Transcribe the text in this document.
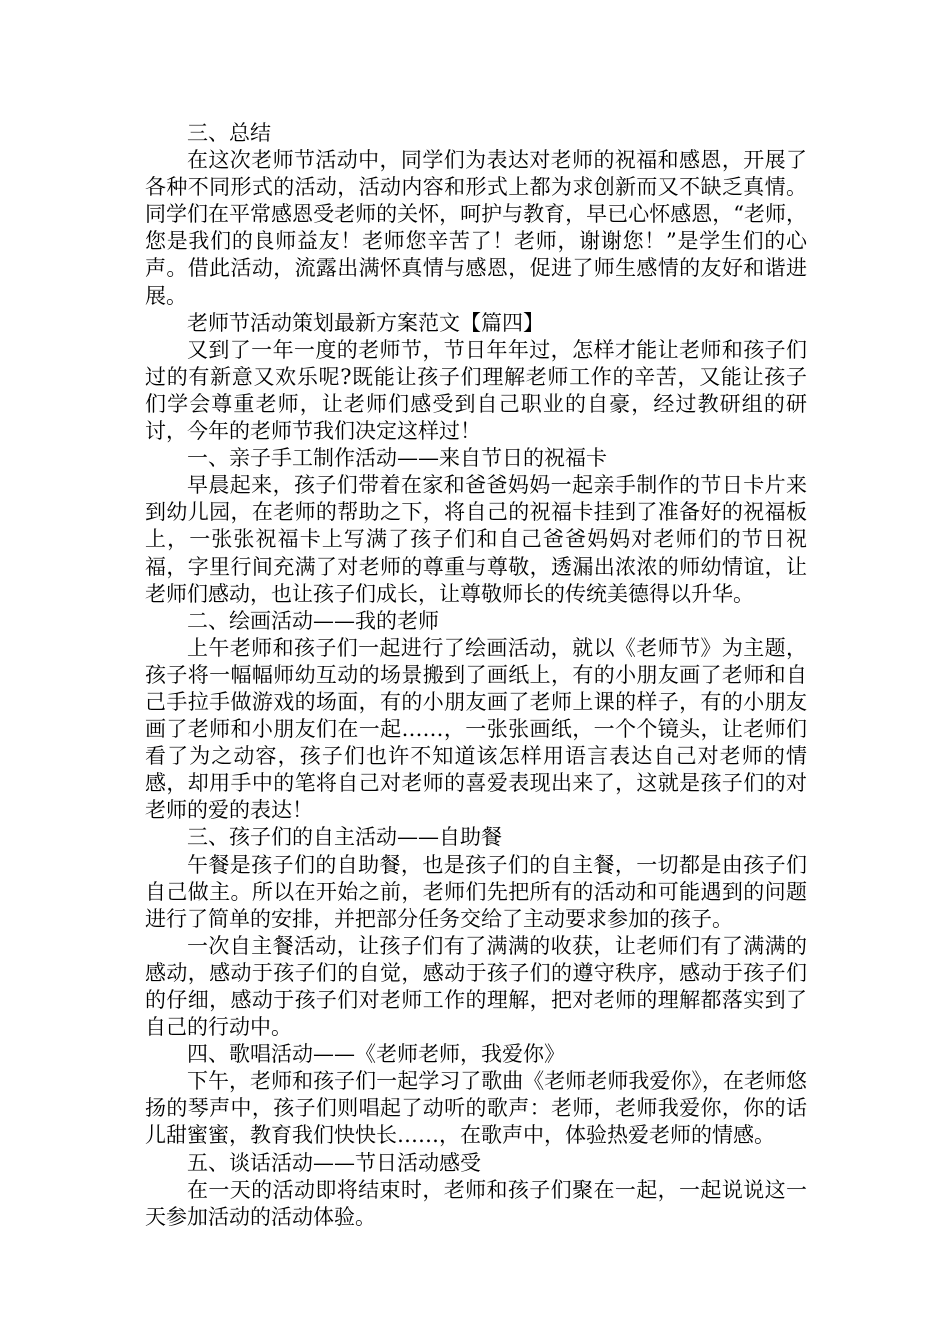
三、总结

在这次老师节活动中，同学们为表达对老师的祝福和感恩，开展了各种不同形式的活动，活动内容和形式上都为求创新而又不缺乏真情。同学们在平常感恩受老师的关怀，呵护与教育，早已心怀感恩，“老师，您是我们的良师益友！老师您辛苦了！老师，谢谢您！”是学生们的心声。借此活动，流露出满怀真情与感恩，促进了师生感情的友好和谐进展。

老师节活动策划最新方案范文【篇四】

又到了一年一度的老师节，节日年年过，怎样才能让老师和孩子们过的有新意又欢乐呢?既能让孩子们理解老师工作的辛苦，又能让孩子们学会尊重老师，让老师们感受到自己职业的自豪，经过教研组的研讨，今年的老师节我们决定这样过！

一、亲子手工制作活动——来自节日的祝福卡

早晨起来，孩子们带着在家和爸爸妈妈一起亲手制作的节日卡片来到幼儿园，在老师的帮助之下，将自己的祝福卡挂到了准备好的祝福板上，一张张祝福卡上写满了孩子们和自己爸爸妈妈对老师们的节日祝福，字里行间充满了对老师的尊重与尊敬，透漏出浓浓的师幼情谊，让老师们感动，也让孩子们成长，让尊敬师长的传统美德得以升华。

二、绘画活动——我的老师

上午老师和孩子们一起进行了绘画活动，就以《老师节》为主题，孩子将一幅幅师幼互动的场景搬到了画纸上，有的小朋友画了老师和自己手拉手做游戏的场面，有的小朋友画了老师上课的样子，有的小朋友画了老师和小朋友们在一起……，一张张画纸，一个个镜头，让老师们看了为之动容，孩子们也许不知道该怎样用语言表达自己对老师的情感，却用手中的笔将自己对老师的喜爱表现出来了，这就是孩子们的对老师的爱的表达！

三、孩子们的自主活动——自助餐

午餐是孩子们的自助餐，也是孩子们的自主餐，一切都是由孩子们自己做主。所以在开始之前，老师们先把所有的活动和可能遇到的问题进行了简单的安排，并把部分任务交给了主动要求参加的孩子。

一次自主餐活动，让孩子们有了满满的收获，让老师们有了满满的感动，感动于孩子们的自觉，感动于孩子们的遵守秩序，感动于孩子们的仔细，感动于孩子们对老师工作的理解，把对老师的理解都落实到了自己的行动中。

四、歌唱活动——《老师老师，我爱你》

下午，老师和孩子们一起学习了歌曲《老师老师我爱你》，在老师悠扬的琴声中，孩子们则唱起了动听的歌声：老师，老师我爱你，你的话儿甜蜜蜜，教育我们快快长……，在歌声中，体验热爱老师的情感。

五、谈话活动——节日活动感受

在一天的活动即将结束时，老师和孩子们聚在一起，一起说说这一天参加活动的活动体验。
